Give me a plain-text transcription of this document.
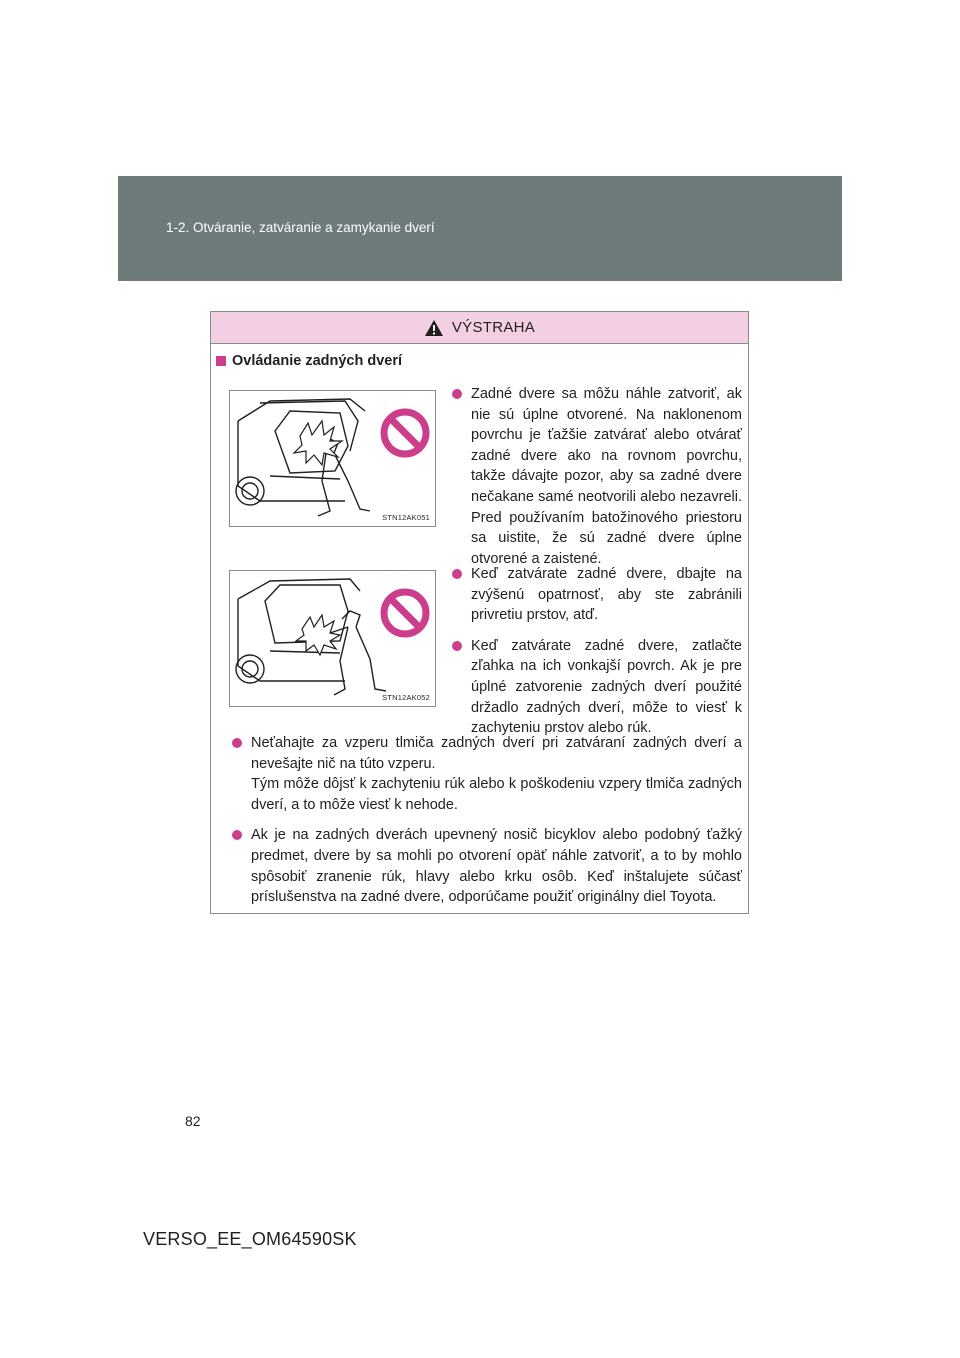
1-2. Otváranie, zatváranie a zamykanie dverí
VÝSTRAHA
Ovládanie zadných dverí
STN12AK051
STN12AK052
Zadné dvere sa môžu náhle zatvoriť, ak nie sú úplne otvorené. Na naklonenom povrchu je ťažšie zatvárať alebo otvárať zadné dvere ako na rovnom povrchu, takže dávajte pozor, aby sa zadné dvere nečakane samé neotvorili alebo nezavreli. Pred používaním batožinového priestoru sa uistite, že sú zadné dvere úplne otvorené a zaistené.
Keď zatvárate zadné dvere, dbajte na zvýšenú opatrnosť, aby ste zabránili privretiu prstov, atď.
Keď zatvárate zadné dvere, zatlačte zľahka na ich vonkajší povrch. Ak je pre úplné zatvorenie zadných dverí použité držadlo zadných dverí, môže to viesť k zachyteniu prstov alebo rúk.
Neťahajte za vzperu tlmiča zadných dverí pri zatváraní zadných dverí a nevešajte nič na túto vzperu.
Tým môže dôjsť k zachyteniu rúk alebo k poškodeniu vzpery tlmiča zadných dverí, a to môže viesť k nehode.
Ak je na zadných dverách upevnený nosič bicyklov alebo podobný ťažký predmet, dvere by sa mohli po otvorení opäť náhle zatvoriť, a to by mohlo spôsobiť zranenie rúk, hlavy alebo krku osôb. Keď inštalujete súčasť príslušenstva na zadné dvere, odporúčame použiť originálny diel Toyota.
82
VERSO_EE_OM64590SK
